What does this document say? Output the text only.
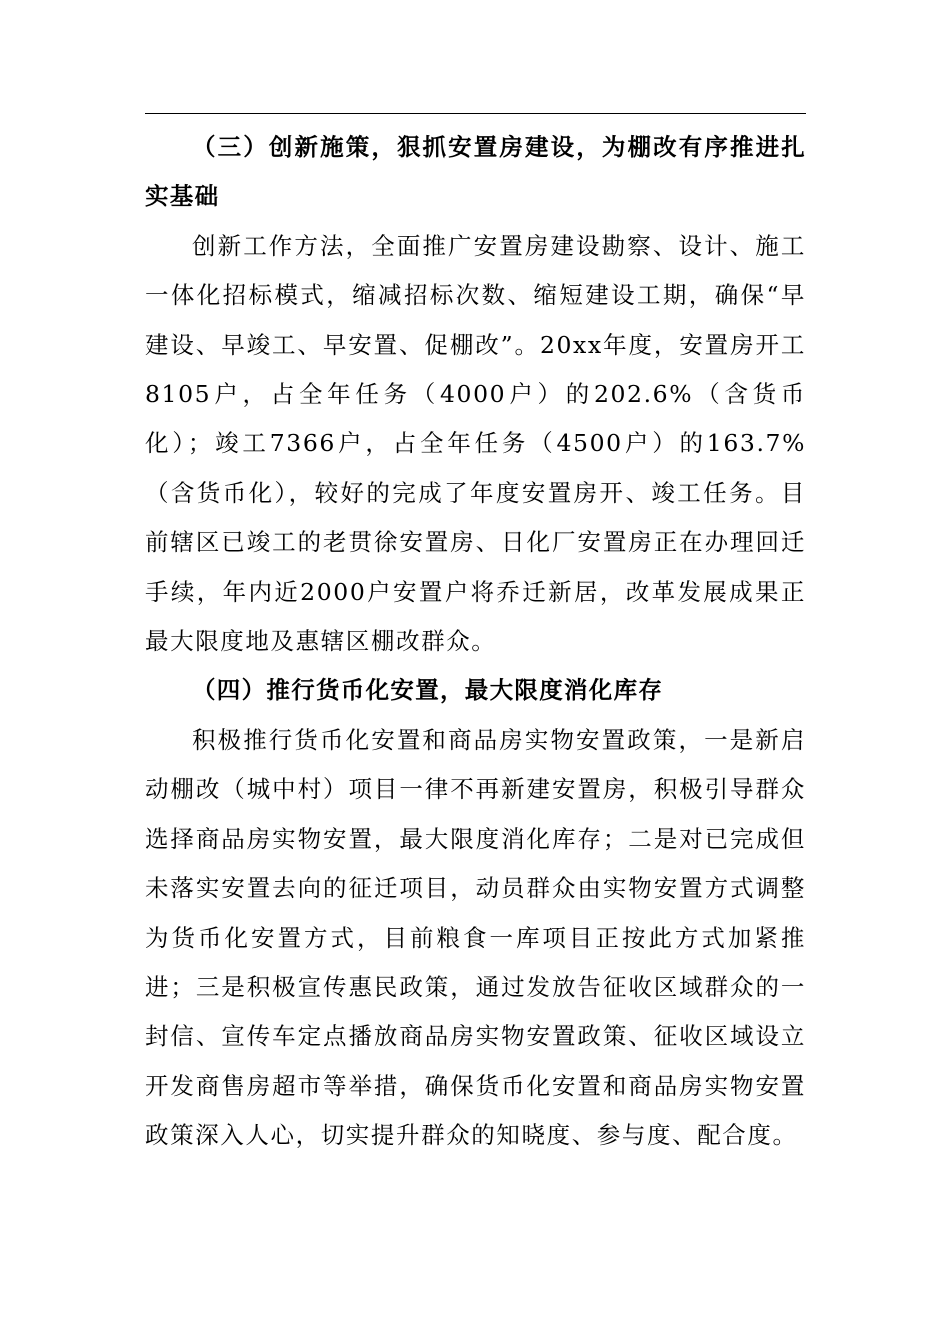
（三）创新施策，狠抓安置房建设，为棚改有序推进扎实基础

创新工作方法，全面推广安置房建设勘察、设计、施工一体化招标模式，缩减招标次数、缩短建设工期，确保“早建设、早竣工、早安置、促棚改”。20xx年度，安置房开工8105户，占全年任务（4000户）的202.6%（含货币化）；竣工7366户，占全年任务（4500户）的163.7%（含货币化），较好的完成了年度安置房开、竣工任务。目前辖区已竣工的老贯徐安置房、日化厂安置房正在办理回迁手续，年内近2000户安置户将乔迁新居，改革发展成果正最大限度地及惠辖区棚改群众。

（四）推行货币化安置，最大限度消化库存

积极推行货币化安置和商品房实物安置政策，一是新启动棚改（城中村）项目一律不再新建安置房，积极引导群众选择商品房实物安置，最大限度消化库存；二是对已完成但未落实安置去向的征迁项目，动员群众由实物安置方式调整为货币化安置方式，目前粮食一库项目正按此方式加紧推进；三是积极宣传惠民政策，通过发放告征收区域群众的一封信、宣传车定点播放商品房实物安置政策、征收区域设立开发商售房超市等举措，确保货币化安置和商品房实物安置政策深入人心，切实提升群众的知晓度、参与度、配合度。
